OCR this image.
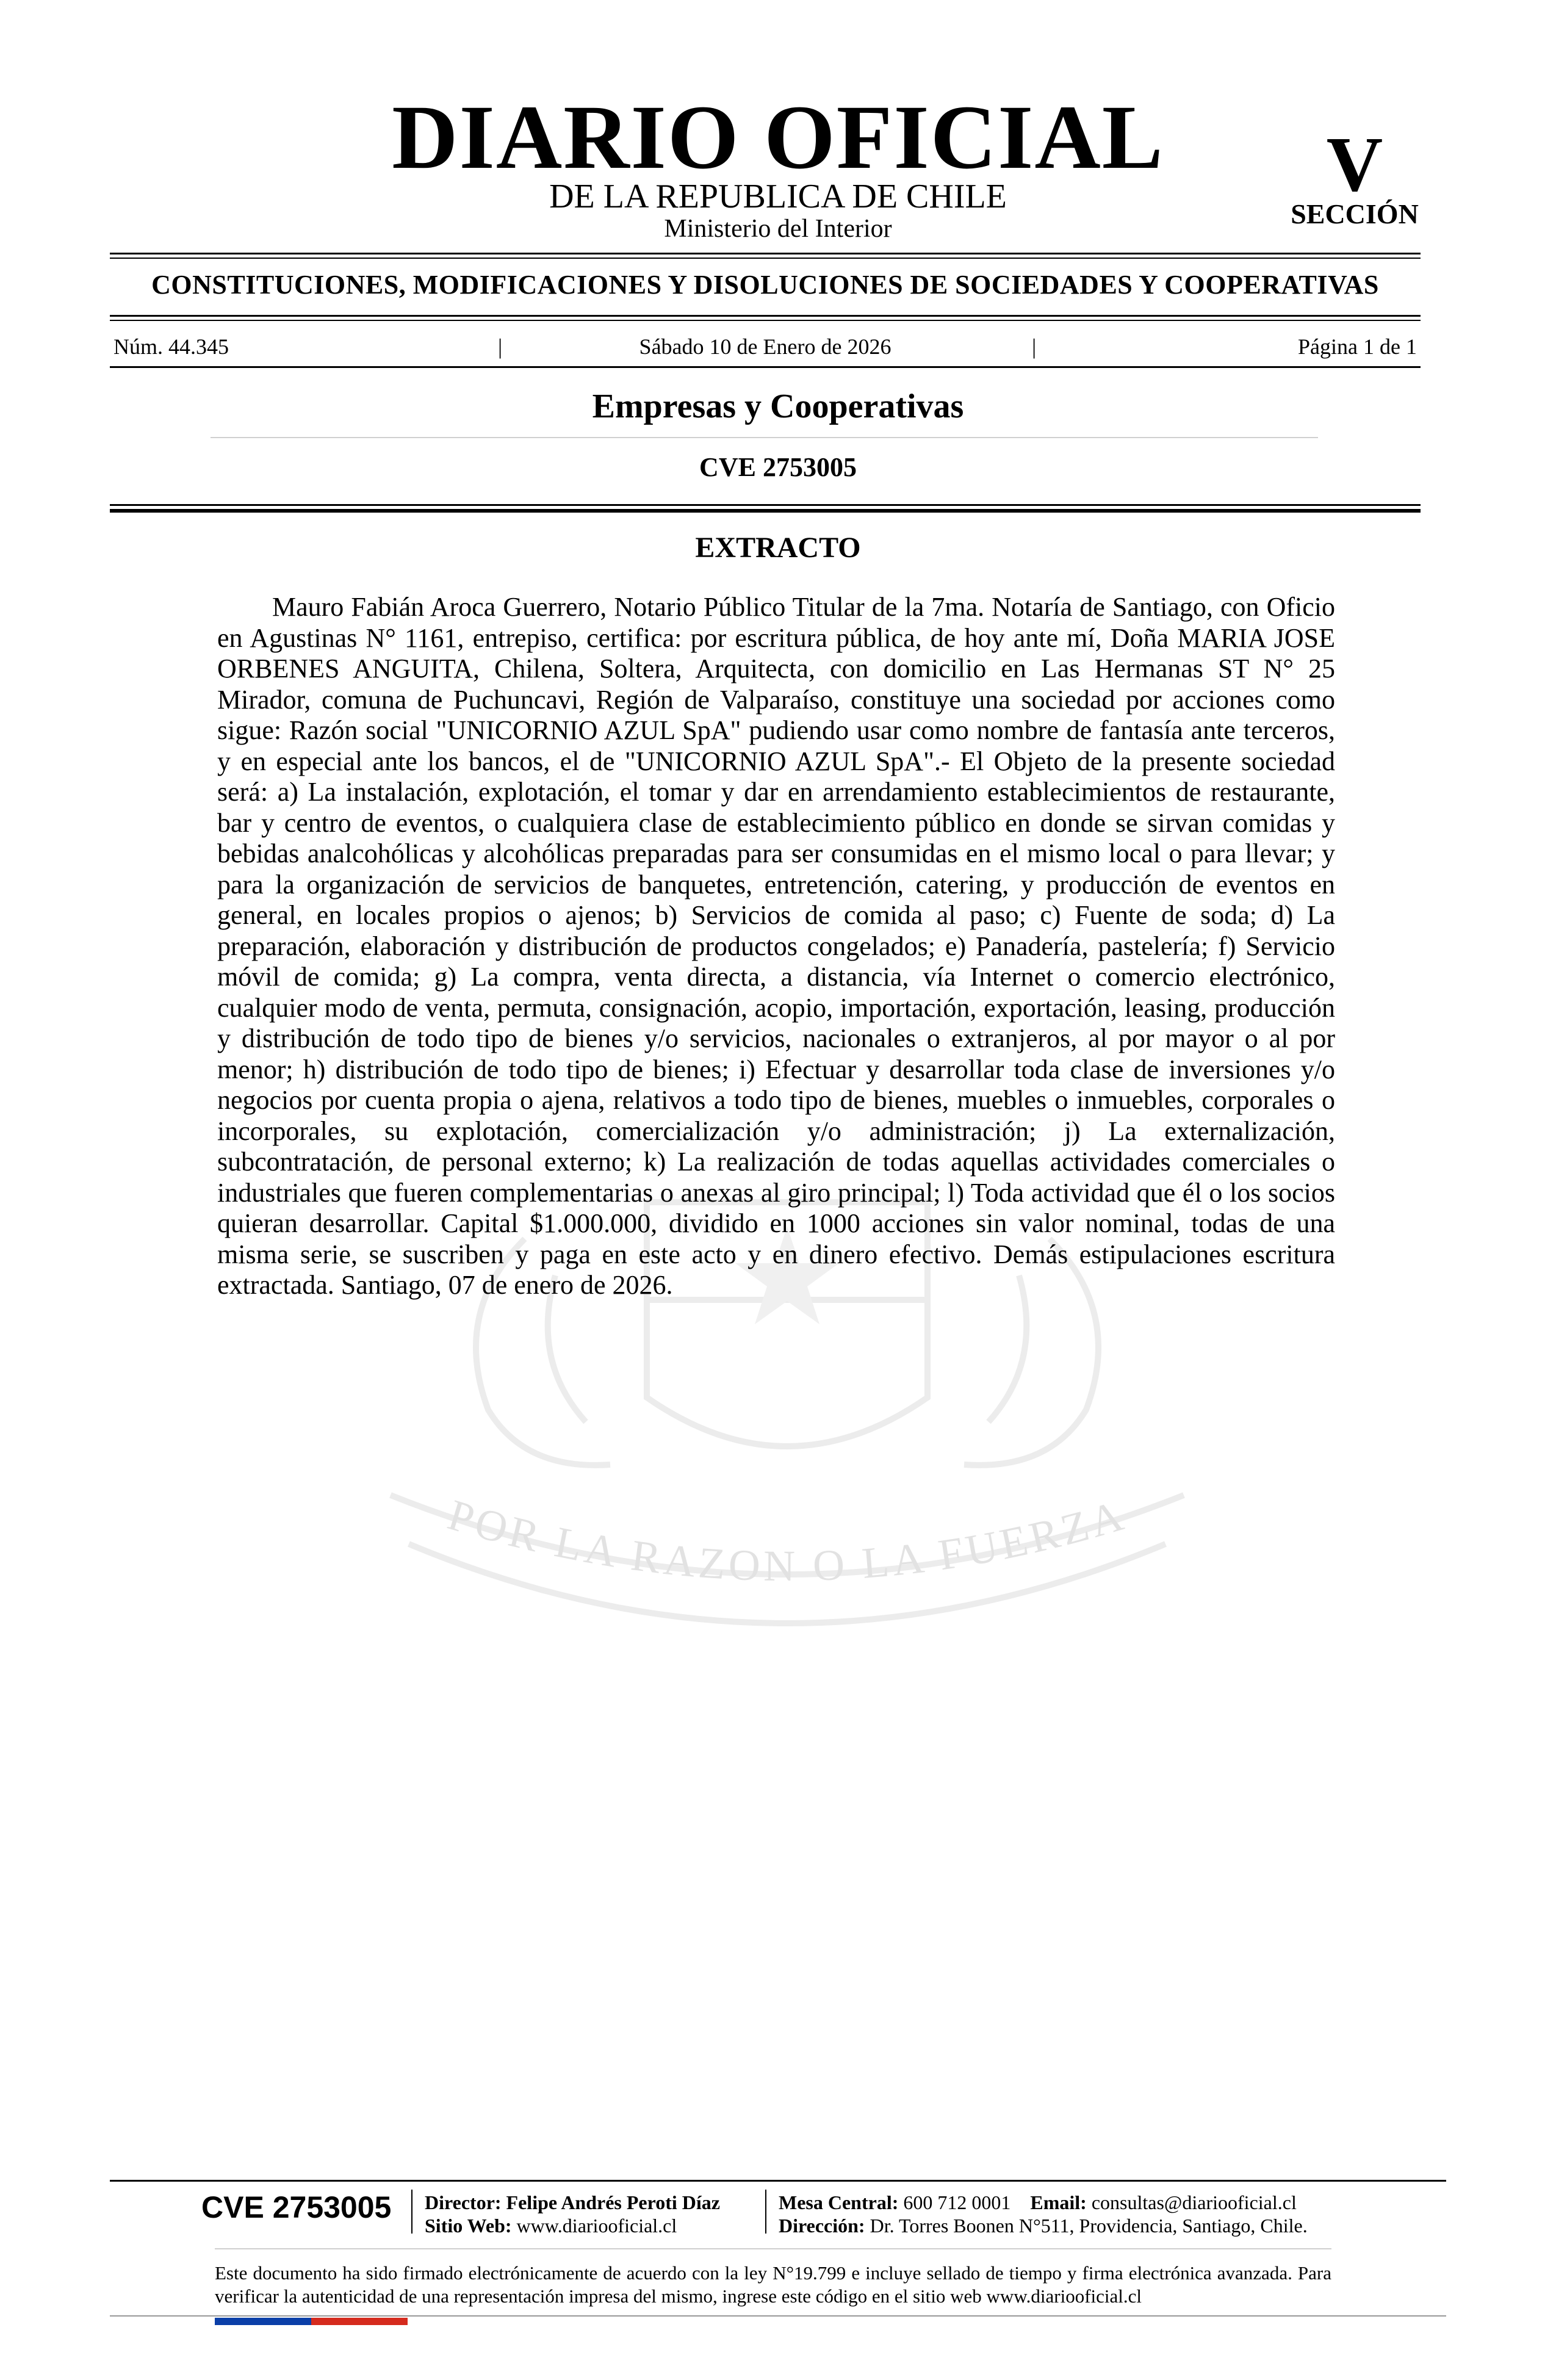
DIARIO OFICIAL
DE LA REPUBLICA DE CHILE
Ministerio del Interior
V
SECCIÓN
CONSTITUCIONES, MODIFICACIONES Y DISOLUCIONES DE SOCIEDADES Y COOPERATIVAS
Núm. 44.345	|	Sábado 10 de Enero de 2026	|	Página 1 de 1
Empresas y Cooperativas
CVE 2753005
POR LA RAZON O LA FUERZA
EXTRACTO
Mauro Fabián Aroca Guerrero, Notario Público Titular de la 7ma. Notaría de Santiago, con Oficio en Agustinas N° 1161, entrepiso, certifica: por escritura pública, de hoy ante mí, Doña MARIA JOSE ORBENES ANGUITA, Chilena, Soltera, Arquitecta, con domicilio en Las Hermanas ST N° 25 Mirador, comuna de Puchuncavi, Región de Valparaíso, constituye una sociedad por acciones como sigue: Razón social "UNICORNIO AZUL SpA" pudiendo usar como nombre de fantasía ante terceros, y en especial ante los bancos, el de "UNICORNIO AZUL SpA".- El Objeto de la presente sociedad será: a) La instalación, explotación, el tomar y dar en arrendamiento establecimientos de restaurante, bar y centro de eventos, o cualquiera clase de establecimiento público en donde se sirvan comidas y bebidas analcohólicas y alcohólicas preparadas para ser consumidas en el mismo local o para llevar; y para la organización de servicios de banquetes, entretención, catering, y producción de eventos en general, en locales propios o ajenos; b) Servicios de comida al paso; c) Fuente de soda; d) La preparación, elaboración y distribución de productos congelados; e) Panadería, pastelería; f) Servicio móvil de comida; g) La compra, venta directa, a distancia, vía Internet o comercio electrónico, cualquier modo de venta, permuta, consignación, acopio, importación, exportación, leasing, producción y distribución de todo tipo de bienes y/o servicios, nacionales o extranjeros, al por mayor o al por menor; h) distribución de todo tipo de bienes; i) Efectuar y desarrollar toda clase de inversiones y/o negocios por cuenta propia o ajena, relativos a todo tipo de bienes, muebles o inmuebles, corporales o incorporales, su explotación, comercialización y/o administración; j) La externalización, subcontratación, de personal externo; k) La realización de todas aquellas actividades comerciales o industriales que fueren complementarias o anexas al giro principal; l) Toda actividad que él o los socios quieran desarrollar. Capital $1.000.000, dividido en 1000 acciones sin valor nominal, todas de una misma serie, se suscriben y paga en este acto y en dinero efectivo. Demás estipulaciones escritura extractada. Santiago, 07 de enero de 2026.
CVE 2753005	Director: Felipe Andrés Peroti Díaz
Sitio Web: www.diariooficial.cl
Mesa Central: 600 712 0001 Email: consultas@diariooficial.cl
Dirección: Dr. Torres Boonen N°511, Providencia, Santiago, Chile.
Este documento ha sido firmado electrónicamente de acuerdo con la ley N°19.799 e incluye sellado de tiempo y firma electrónica avanzada. Para verificar la autenticidad de una representación impresa del mismo, ingrese este código en el sitio web www.diariooficial.cl
